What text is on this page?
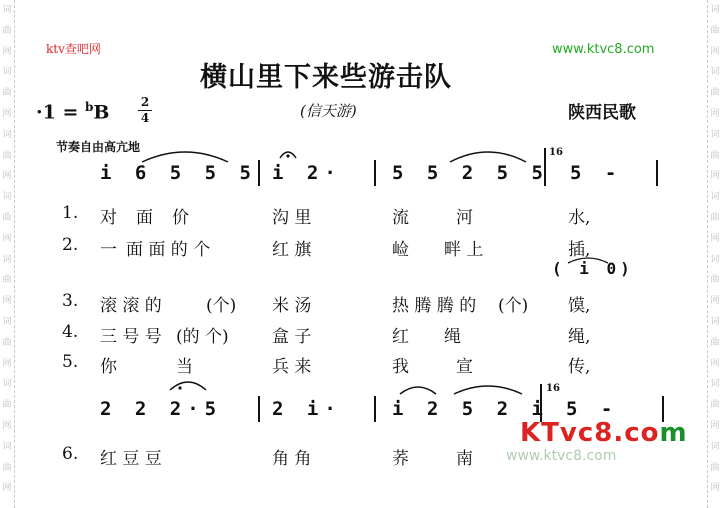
词
曲
网
词
曲
网
词
曲
网
词
曲
网
词
曲
网
词
曲
网
词
曲
网
词
曲
网
词
曲
网
词
曲
网
词
曲
网
词
曲
网
词
曲
网
词
曲
网
词
曲
网
词
曲
网
ktv查吧网	www.ktvc8.com
横山里下来些游击队
(信天游)	陕西民歌
·1 = $^b$B	2
4
节奏自由高亢地
i 6 5 5 5 i 2·	5 5 2 5 5 5 -
16
1.
2.
3.
4.
5.
6.
对 面 价	沟 里	流	河	水,
一 面 面 的 个	红 旗	崄 畔 上	插,
( i 0)
滚 滚 的	(个) 米 汤	热 腾 腾 的 (个) 馍,
三 号 号 (的 个)	盒 子	红 绳	绳,
你	当	兵 来	我	宣	传,
2 2 2·5	2 i·	i 2 5 2 i 5 -
16
红 豆 豆	角 角	荞	南
KTvc8.com
www.ktvc8.com
